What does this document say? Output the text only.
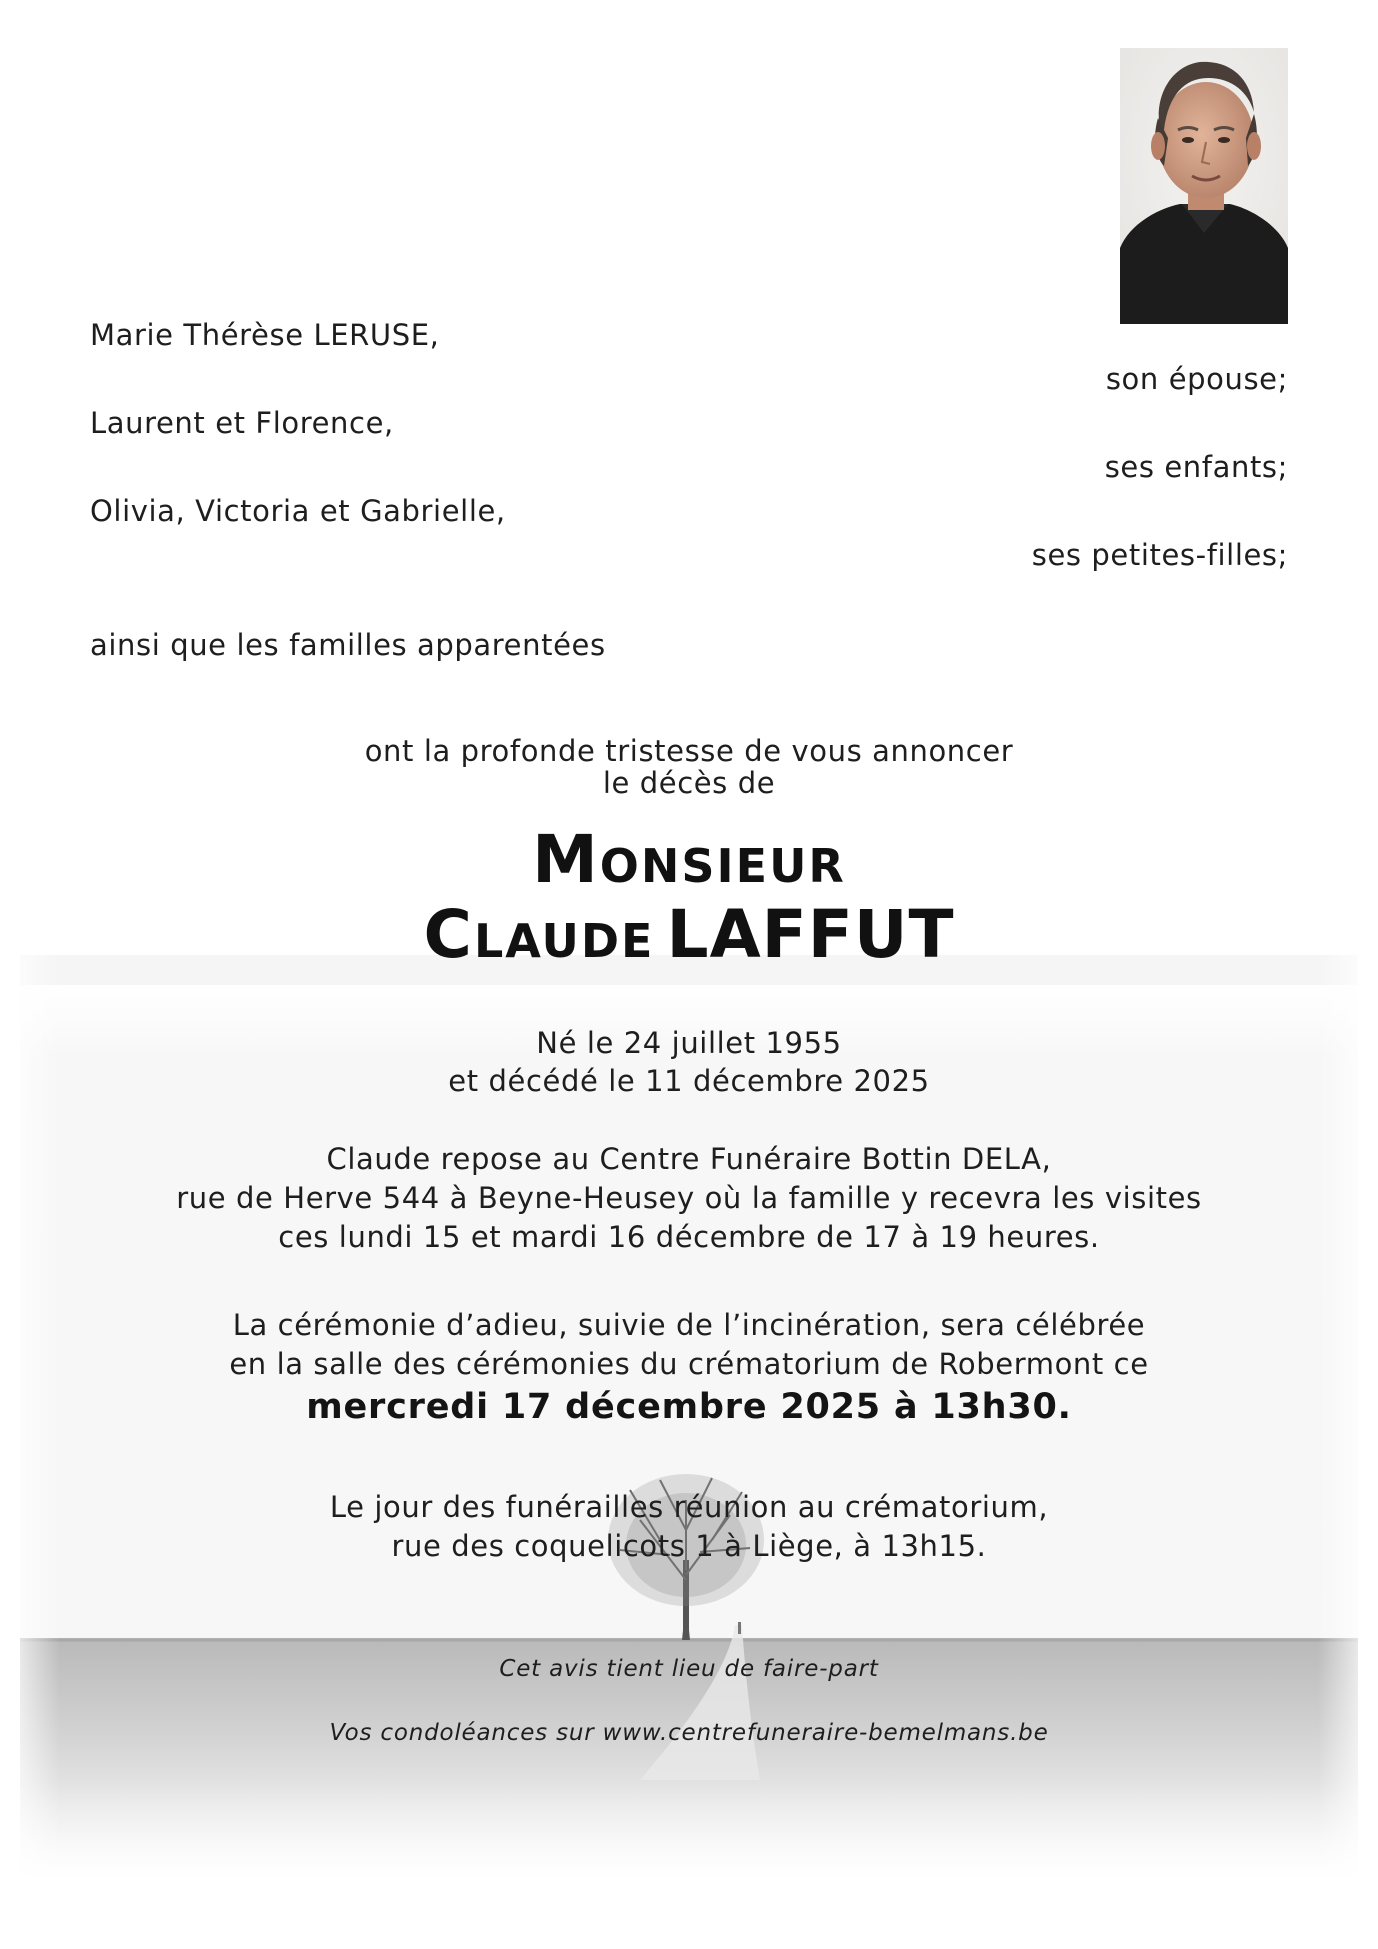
Marie Thérèse LERUSE,
son épouse;
Laurent et Florence,
ses enfants;
Olivia, Victoria et Gabrielle,
ses petites-filles;
ainsi que les familles apparentées
ont la profonde tristesse de vous annoncer
le décès de
Monsieur
Claude LAFFUT
Né le 24 juillet 1955
et décédé le 11 décembre 2025
Claude repose au Centre Funéraire Bottin DELA,
rue de Herve 544 à Beyne-Heusey où la famille y recevra les visites
ces lundi 15 et mardi 16 décembre de 17 à 19 heures.
La cérémonie d’adieu, suivie de l’incinération, sera célébrée
en la salle des cérémonies du crématorium de Robermont ce
mercredi 17 décembre 2025 à 13h30.
Le jour des funérailles réunion au crématorium,
rue des coquelicots 1 à Liège, à 13h15.
Cet avis tient lieu de faire-part
Vos condoléances sur www.centrefuneraire-bemelmans.be
